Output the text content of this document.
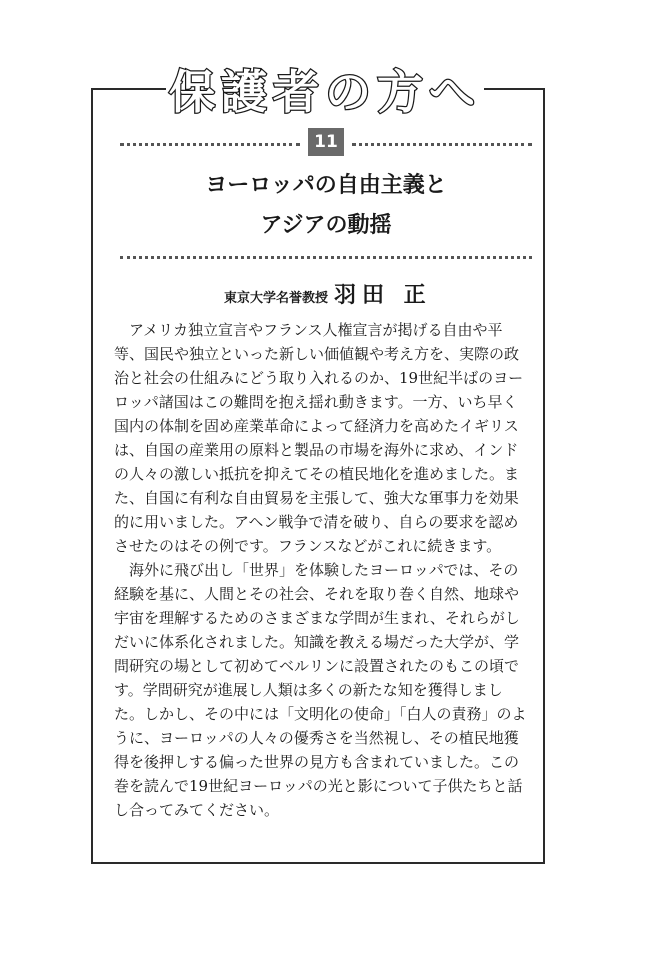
保護者の方へ
11
ヨーロッパの自由主義と
アジアの動揺
東京大学名誉教授 羽田 正

アメリカ独立宣言やフランス人権宣言が掲げる自由や平等、国民や独立といった新しい価値観や考え方を、実際の政治と社会の仕組みにどう取り入れるのか、19世紀半ばのヨーロッパ諸国はこの難問を抱え揺れ動きます。一方、いち早く国内の体制を固め産業革命によって経済力を高めたイギリスは、自国の産業用の原料と製品の市場を海外に求め、インドの人々の激しい抵抗を抑えてその植民地化を進めました。また、自国に有利な自由貿易を主張して、強大な軍事力を効果的に用いました。アヘン戦争で清を破り、自らの要求を認めさせたのはその例です。フランスなどがこれに続きます。

海外に飛び出し「世界」を体験したヨーロッパでは、その経験を基に、人間とその社会、それを取り巻く自然、地球や宇宙を理解するためのさまざまな学問が生まれ、それらがしだいに体系化されました。知識を教える場だった大学が、学問研究の場として初めてベルリンに設置されたのもこの頃です。学問研究が進展し人類は多くの新たな知を獲得しました。しかし、その中には「文明化の使命」「白人の責務」のように、ヨーロッパの人々の優秀さを当然視し、その植民地獲得を後押しする偏った世界の見方も含まれていました。この巻を読んで19世紀ヨーロッパの光と影について子供たちと話し合ってみてください。
